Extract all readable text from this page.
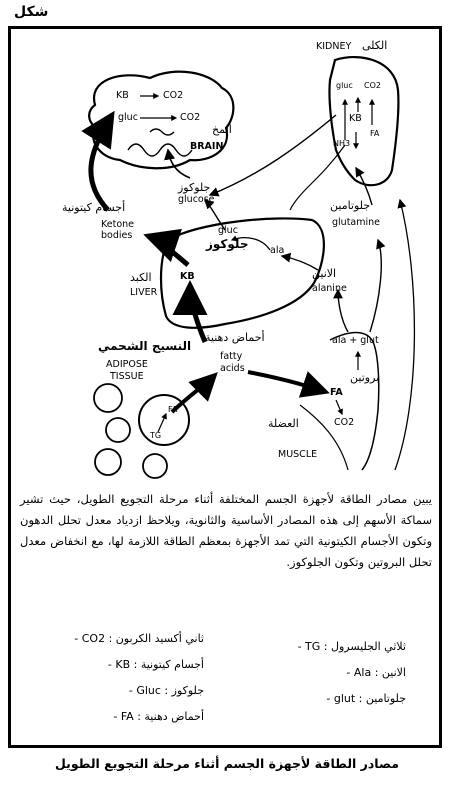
شكل
المخ
BRAIN
KIDNEY الكلى
KB	CO2
gluc	CO2
gluc CO2
KB
NH3
FA
جلوكوز
glucose
أجسام كيتونية
Ketone
bodies
جلوتامين
glutamine
gluc
جلوكوز ala
الانين
alanine
KB
الكبد
LIVER
أحماض دهنية
fatty
acids
النسيج الشحمي
ADIPOSE
TISSUE
ala + glut
بروتين
FA
CO2
العضلة
MUSCLE
FA
TG
يبين مصادر الطاقة لأجهزة الجسم المختلفة أثناء مرحلة التجويع الطويل، حيث تشير سماكة الأسهم إلى هذه المصادر الأساسية والثانوية، ويلاحظ ازدياد معدل تحلل الدهون وتكون الأجسام الكيتونية التي تمد الأجهزة بمعظم الطاقة اللازمة لها، مع انخفاض معدل تحلل البروتين وتكون الجلوكوز.
ثاني أكسيد الكربون : CO2 -
أجسام كيتونية : KB -
جلوكوز : Gluc -
أحماض دهنية : FA -
ثلاثي الجليسرول : TG -
الانين : Ala -
جلوتامين : glut -
مصادر الطاقة لأجهزة الجسم أثناء مرحلة التجويع الطويل
